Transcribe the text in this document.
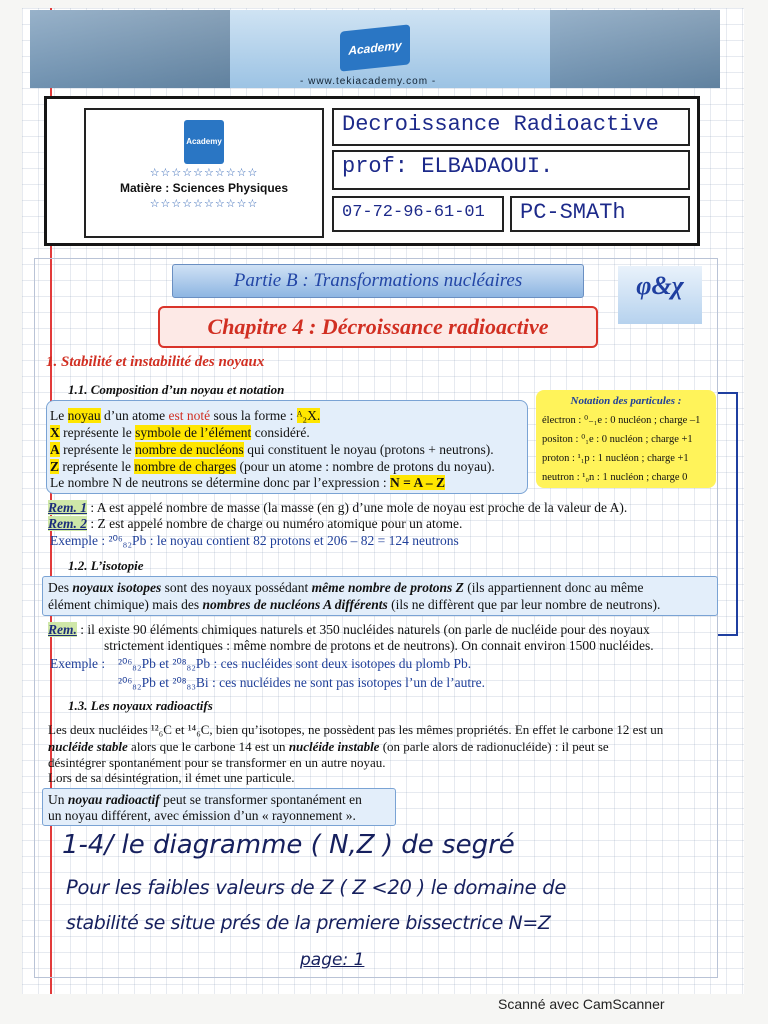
Academy
- www.tekiacademy.com -
Academy
☆☆☆☆☆☆☆☆☆☆
Matière : Sciences Physiques
☆☆☆☆☆☆☆☆☆☆
Decroissance Radioactive
prof: ELBADAOUI.
07-72-96-61-01	PC-SMATh
Partie B : Transformations nucléaires	φ&χ
Chapitre 4 : Décroissance radioactive
1. Stabilité et instabilité des noyaux
1.1. Composition d’un noyau et notation
Le noyau d’un atome est noté sous la forme : ᴬ₂X.
X représente le symbole de l’élément considéré.
A représente le nombre de nucléons qui constituent le noyau (protons + neutrons).
Z représente le nombre de charges (pour un atome : nombre de protons du noyau).
Le nombre N de neutrons se détermine donc par l’expression : N = A – Z
Notation des particules :
électron : ⁰₋₁e : 0 nucléon ; charge –1
positon : ⁰₁e : 0 nucléon ; charge +1
proton : ¹₁p : 1 nucléon ; charge +1
neutron : ¹₀n : 1 nucléon ; charge 0
Rem. 1 : A est appelé nombre de masse (la masse (en g) d’une mole de noyau est proche de la valeur de A).
Rem. 2 : Z est appelé nombre de charge ou numéro atomique pour un atome.
Exemple : ²⁰⁶₈₂Pb : le noyau contient 82 protons et 206 – 82 = 124 neutrons
1.2. L’isotopie
Des noyaux isotopes sont des noyaux possédant même nombre de protons Z (ils appartiennent donc au même
élément chimique) mais des nombres de nucléons A différents (ils ne diffèrent que par leur nombre de neutrons).
Rem. : il existe 90 éléments chimiques naturels et 350 nucléides naturels (on parle de nucléide pour des noyaux
strictement identiques : même nombre de protons et de neutrons). On connait environ 1500 nucléides.
Exemple : ²⁰⁶₈₂Pb et ²⁰⁸₈₂Pb : ces nucléides sont deux isotopes du plomb Pb.
²⁰⁶₈₂Pb et ²⁰⁸₈₃Bi : ces nucléides ne sont pas isotopes l’un de l’autre.
1.3. Les noyaux radioactifs
Les deux nucléides ¹²₆C et ¹⁴₆C, bien qu’isotopes, ne possèdent pas les mêmes propriétés. En effet le carbone 12 est un
nucléide stable alors que le carbone 14 est un nucléide instable (on parle alors de radionucléide) : il peut se
désintégrer spontanément pour se transformer en un autre noyau.
Lors de sa désintégration, il émet une particule.
Un noyau radioactif peut se transformer spontanément en
un noyau différent, avec émission d’un « rayonnement ».
1-4/ le diagramme ( N,Z ) de segré
Pour les faibles valeurs de Z ( Z <20 ) le domaine de
stabilité se situe prés de la premiere bissectrice N=Z
page: 1
Scanné avec CamScanner
